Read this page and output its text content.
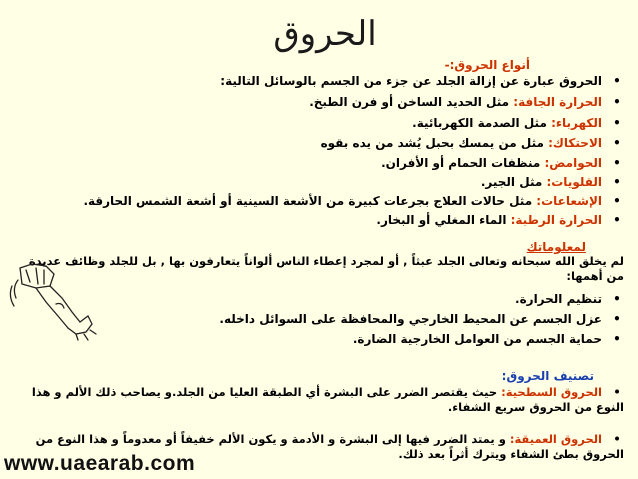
الحروق
أنواع الحروق:-
•الحروق عبارة عن إزالة الجلد عن جزء من الجسم بالوسائل التالية:
•الحرارة الجافة: مثل الحديد الساخن أو فرن الطبخ.
•الكهرباء: مثل الصدمة الكهربائية.
•الاحتكاك: مثل من يمسك بحبل يُشد من يده بقوه
•الحوامض: منظفات الحمام أو الأفران.
•القلويات: مثل الجير.
•الإشعاعات: مثل حالات العلاج بجرعات كبيرة من الأشعة السينية أو أشعة الشمس الحارقة.
•الحرارة الرطبة: الماء المغلي أو البخار.
لمعلوماتك
لم يخلق الله سبحانه وتعالى الجلد عبثاً , أو لمجرد إعطاء الناس ألواناً يتعارفون بها , بل للجلد وظائف عديدة من أهمها:
•تنظيم الحرارة.
•عزل الجسم عن المحيط الخارجي والمحافظة على السوائل داخله.
•حماية الجسم من العوامل الخارجية الضارة.
تصنيف الحروق:
•الحروق السطحية: حيث يقتصر الضرر على البشرة أي الطبقة العليا من الجلد.و يصاحب ذلك الألم و هذا النوع من الحروق سريع الشفاء.
•الحروق العميقة: و يمتد الضرر فيها إلى البشرة و الأدمة و يكون الألم خفيفاً أو معدوماً و هذا النوع من الحروق بطئ الشفاء ويترك أثراً بعد ذلك.
www.uaearab.com
